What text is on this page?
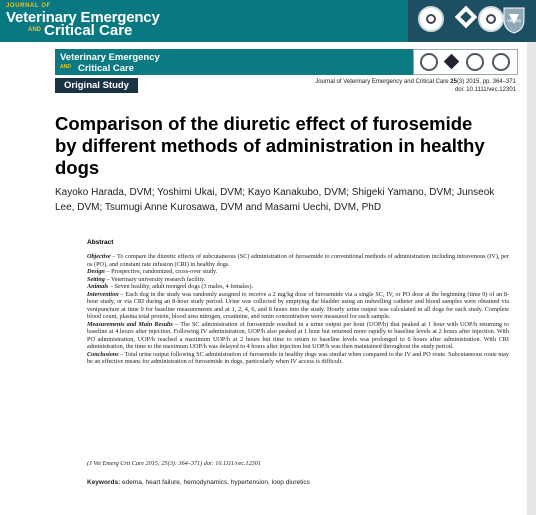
JOURNAL OF
Veterinary Emergency
AND Critical Care
VECCS
Veterinary Emergency
Critical Care
AND
Original Study	Journal of Veterinary Emergency and Critical Care 25(3) 2015, pp. 364–371
doi: 10.1111/vec.12301
Comparison of the diuretic effect of furosemide by different methods of administration in healthy dogs
Kayoko Harada, DVM; Yoshimi Ukai, DVM; Kayo Kanakubo, DVM; Shigeki Yamano, DVM; Junseok Lee, DVM; Tsumugi Anne Kurosawa, DVM and Masami Uechi, DVM, PhD
Abstract

Objective – To compare the diuretic effects of subcutaneous (SC) administration of furosemide to conventional methods of administration including intravenous (IV), per os (PO), and constant rate infusion (CRI) in healthy dogs.

Design – Prospective, randomized, cross-over study.

Setting – Veterinary university research facility.

Animals – Seven healthy, adult mongrel dogs (3 males, 4 females).

Intervention – Each dog in the study was randomly assigned to receive a 2 mg/kg dose of furosemide via a single SC, IV, or PO dose at the beginning (time 0) of an 8-hour study, or via CRI during an 8-hour study period. Urine was collected by emptying the bladder using an indwelling catheter and blood samples were obtained via venipuncture at time 0 for baseline measurements and at 1, 2, 4, 6, and 8 hours into the study. Hourly urine output was calculated in all dogs for each study. Complete blood count, plasma total protein, blood urea nitrogen, creatinine, and renin concentration were measured for each sample.

Measurements and Main Results – The SC administration of furosemide resulted in a urine output per hour (UOP/h) that peaked at 1 hour with UOP/h returning to baseline at 4 hours after injection. Following IV administration, UOP/h also peaked at 1 hour but returned more rapidly to baseline levels at 2 hours after injection. With PO administration, UOP/h reached a maximum UOP/h at 2 hours but time to return to baseline levels was prolonged to 6 hours after administration. With CRI administration, the time to the maximum UOP/h was delayed to 4 hours after injection but UOP/h was then maintained throughout the study period.

Conclusions – Total urine output following SC administration of furosemide in healthy dogs was similar when compared to the IV and PO route. Subcutaneous route may be an effective means for administration of furosemide in dogs, particularly when IV access is difficult.

(J Vet Emerg Crit Care 2015; 25(3): 364–371) doi: 10.1111/vec.12301
Keywords: edema, heart failure, hemodynamics, hypertension, loop diuretics
